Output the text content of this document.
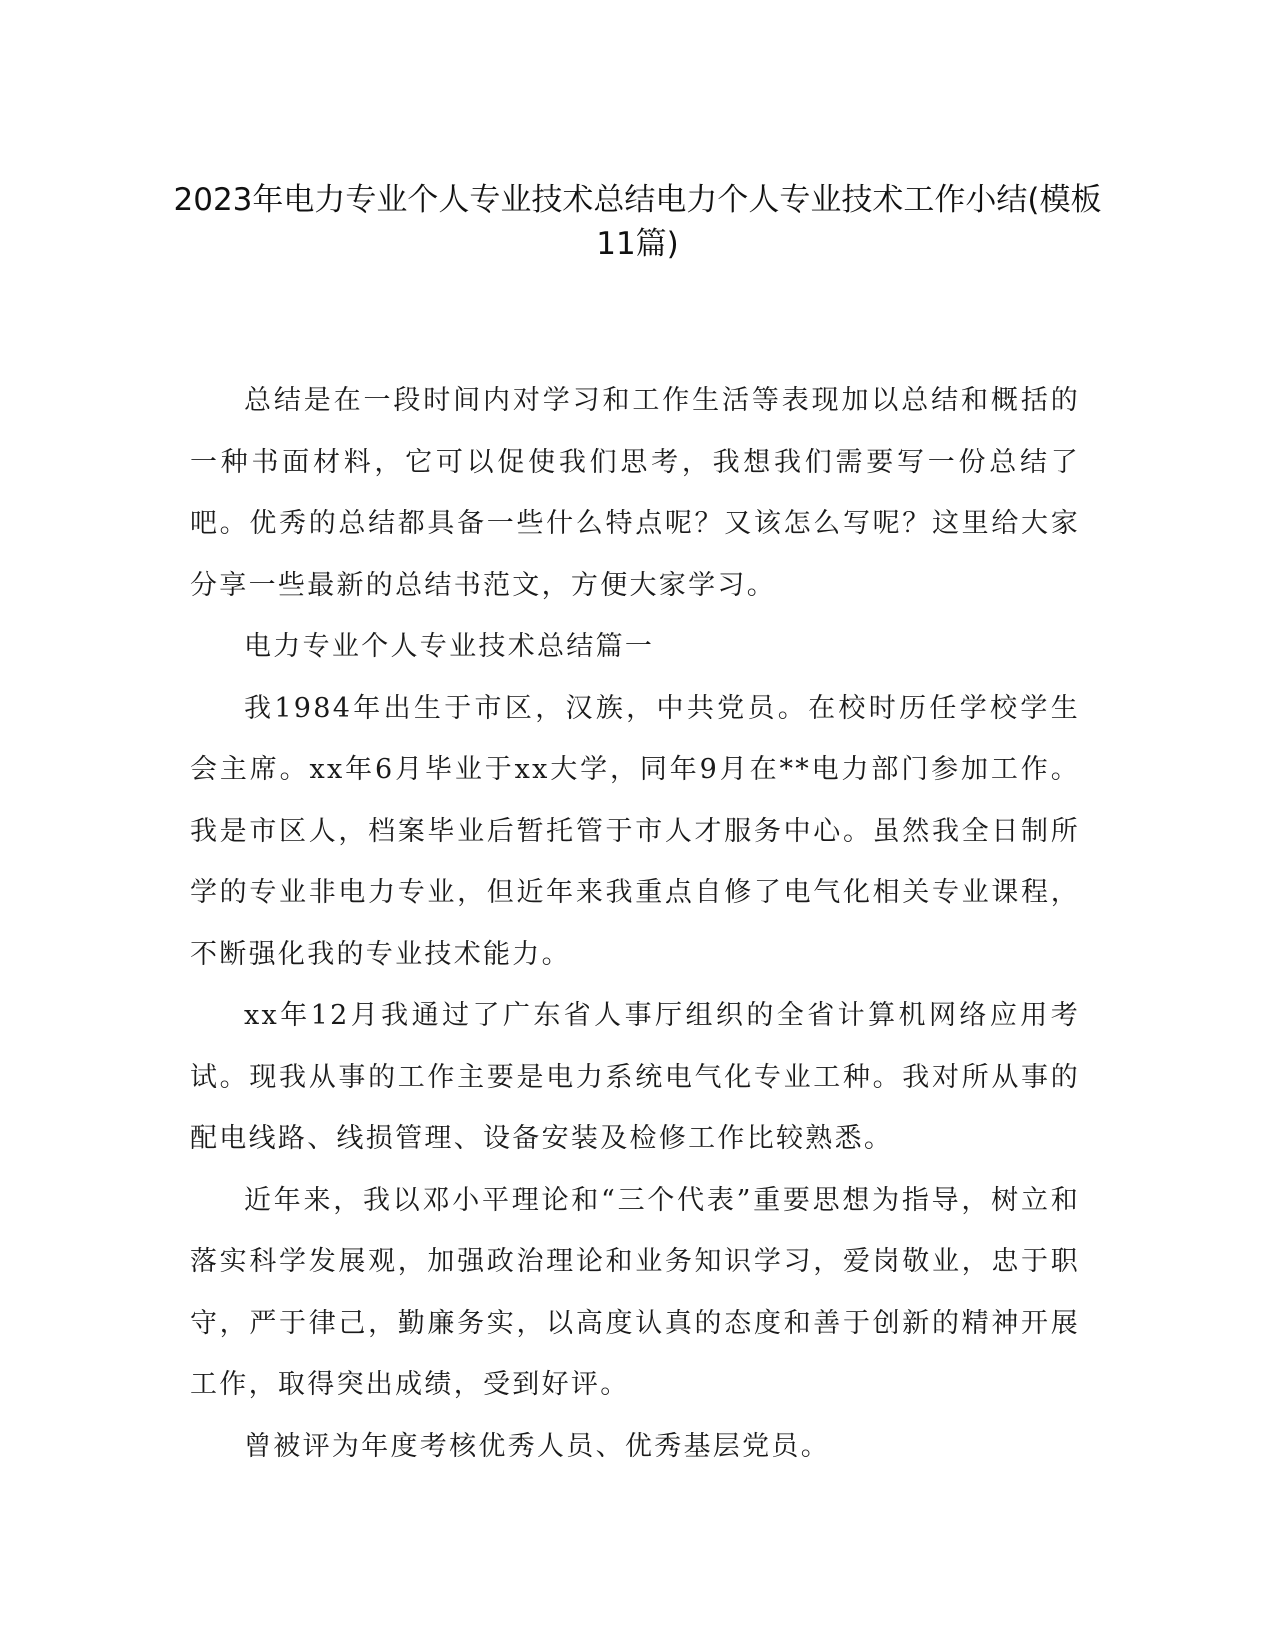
2023年电力专业个人专业技术总结电力个人专业技术工作小结(模板11篇)

总结是在一段时间内对学习和工作生活等表现加以总结和概括的一种书面材料，它可以促使我们思考，我想我们需要写一份总结了吧。优秀的总结都具备一些什么特点呢？又该怎么写呢？这里给大家分享一些最新的总结书范文，方便大家学习。

电力专业个人专业技术总结篇一

我1984年出生于市区，汉族，中共党员。在校时历任学校学生会主席。xx年6月毕业于xx大学，同年9月在**电力部门参加工作。我是市区人，档案毕业后暂托管于市人才服务中心。虽然我全日制所学的专业非电力专业，但近年来我重点自修了电气化相关专业课程，不断强化我的专业技术能力。

xx年12月我通过了广东省人事厅组织的全省计算机网络应用考试。现我从事的工作主要是电力系统电气化专业工种。我对所从事的配电线路、线损管理、设备安装及检修工作比较熟悉。

近年来，我以邓小平理论和“三个代表”重要思想为指导，树立和落实科学发展观，加强政治理论和业务知识学习，爱岗敬业，忠于职守，严于律己，勤廉务实，以高度认真的态度和善于创新的精神开展工作，取得突出成绩，受到好评。

曾被评为年度考核优秀人员、优秀基层党员。
